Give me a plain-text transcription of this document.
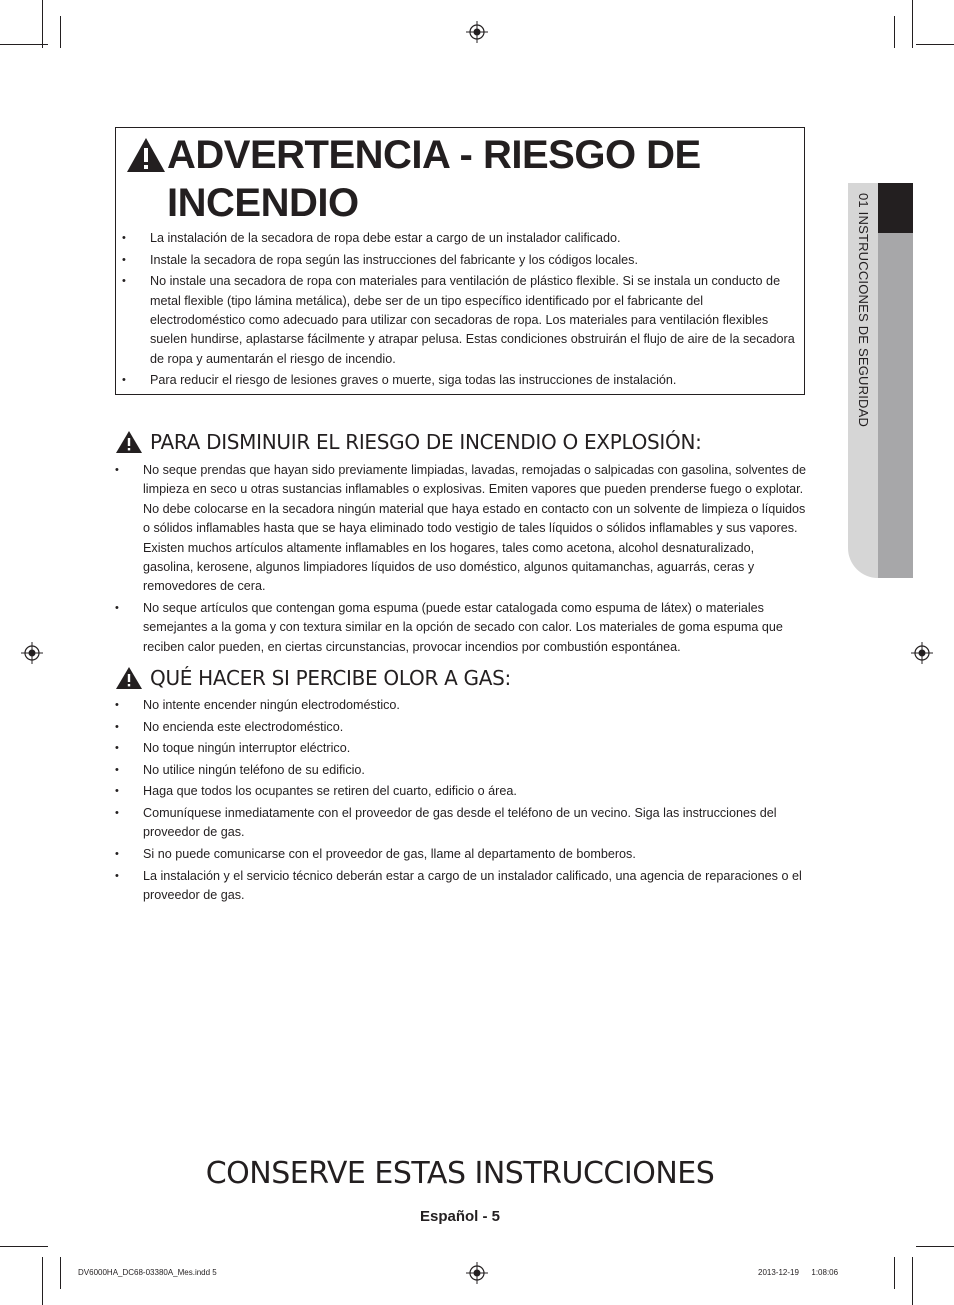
01 INSTRUCCIONES DE SEGURIDAD
ADVERTENCIA - RIESGO DE INCENDIO
• La instalación de la secadora de ropa debe estar a cargo de un instalador calificado.
• Instale la secadora de ropa según las instrucciones del fabricante y los códigos locales.
• No instale una secadora de ropa con materiales para ventilación de plástico flexible. Si se instala un conducto de metal flexible (tipo lámina metálica), debe ser de un tipo específico identificado por el fabricante del electrodoméstico como adecuado para utilizar con secadoras de ropa. Los materiales para ventilación flexibles suelen hundirse, aplastarse fácilmente y atrapar pelusa. Estas condiciones obstruirán el flujo de aire de la secadora de ropa y aumentarán el riesgo de incendio.
• Para reducir el riesgo de lesiones graves o muerte, siga todas las instrucciones de instalación.
PARA DISMINUIR EL RIESGO DE INCENDIO O EXPLOSIÓN:
• No seque prendas que hayan sido previamente limpiadas, lavadas, remojadas o salpicadas con gasolina, solventes de limpieza en seco u otras sustancias inflamables o explosivas. Emiten vapores que pueden prenderse fuego o explotar. No debe colocarse en la secadora ningún material que haya estado en contacto con un solvente de limpieza o líquidos o sólidos inflamables hasta que se haya eliminado todo vestigio de tales líquidos o sólidos inflamables y sus vapores. Existen muchos artículos altamente inflamables en los hogares, tales como acetona, alcohol desnaturalizado, gasolina, kerosene, algunos limpiadores líquidos de uso doméstico, algunos quitamanchas, aguarrás, ceras y removedores de cera.
• No seque artículos que contengan goma espuma (puede estar catalogada como espuma de látex) o materiales semejantes a la goma y con textura similar en la opción de secado con calor. Los materiales de goma espuma que reciben calor pueden, en ciertas circunstancias, provocar incendios por combustión espontánea.
QUÉ HACER SI PERCIBE OLOR A GAS:
• No intente encender ningún electrodoméstico.
• No encienda este electrodoméstico.
• No toque ningún interruptor eléctrico.
• No utilice ningún teléfono de su edificio.
• Haga que todos los ocupantes se retiren del cuarto, edificio o área.
• Comuníquese inmediatamente con el proveedor de gas desde el teléfono de un vecino. Siga las instrucciones del proveedor de gas.
• Si no puede comunicarse con el proveedor de gas, llame al departamento de bomberos.
• La instalación y el servicio técnico deberán estar a cargo de un instalador calificado, una agencia de reparaciones o el proveedor de gas.
CONSERVE ESTAS INSTRUCCIONES
Español - 5
DV6000HA_DC68-03380A_Mes.indd 5	2013-12-19    1:08:06
